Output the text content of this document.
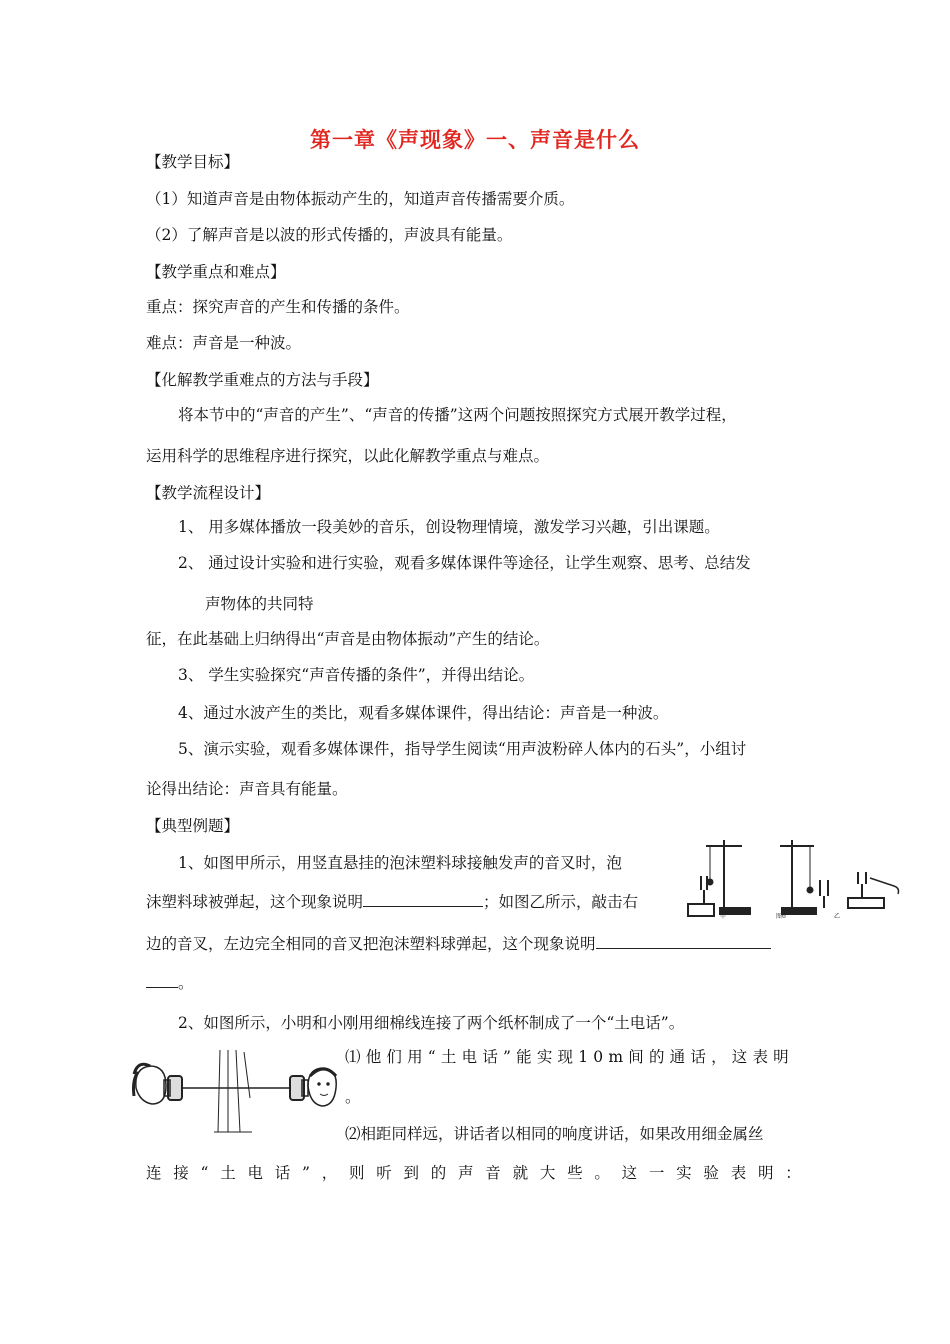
第一章《声现象》一、声音是什么
【教学目标】
（1）知道声音是由物体振动产生的，知道声音传播需要介质。
（2）了解声音是以波的形式传播的，声波具有能量。
【教学重点和难点】
重点：探究声音的产生和传播的条件。
难点：声音是一种波。
【化解教学重难点的方法与手段】
将本节中的“声音的产生”、“声音的传播”这两个问题按照探究方式展开教学过程，
运用科学的思维程序进行探究，以此化解教学重点与难点。
【教学流程设计】
1、 用多媒体播放一段美妙的音乐，创设物理情境，激发学习兴趣，引出课题。
2、 通过设计实验和进行实验，观看多媒体课件等途径，让学生观察、思考、总结发
声物体的共同特
征，在此基础上归纳得出“声音是由物体振动”产生的结论。
3、 学生实验探究“声音传播的条件”，并得出结论。
4、通过水波产生的类比，观看多媒体课件，得出结论：声音是一种波。
5、演示实验，观看多媒体课件，指导学生阅读“用声波粉碎人体内的石头”，小组讨
论得出结论：声音具有能量。
【典型例题】
1、如图甲所示，用竖直悬挂的泡沫塑料球接触发声的音叉时，泡
沫塑料球被弹起，这个现象说明	；如图乙所示，敲击右
边的音叉，左边完全相同的音叉把泡沫塑料球弹起，这个现象说明
。
2、如图所示，小明和小刚用细棉线连接了两个纸杯制成了一个“土电话”。
⑴他们用“土电话”能实现10m间的通话，这表明
。
⑵相距同样远，讲话者以相同的响度讲话，如果改用细金属丝
连 接 “ 土 电 话 ” ， 则 听 到 的 声 音 就 大 些 。 这 一 实 验 表 明 ：
甲	图6	乙
